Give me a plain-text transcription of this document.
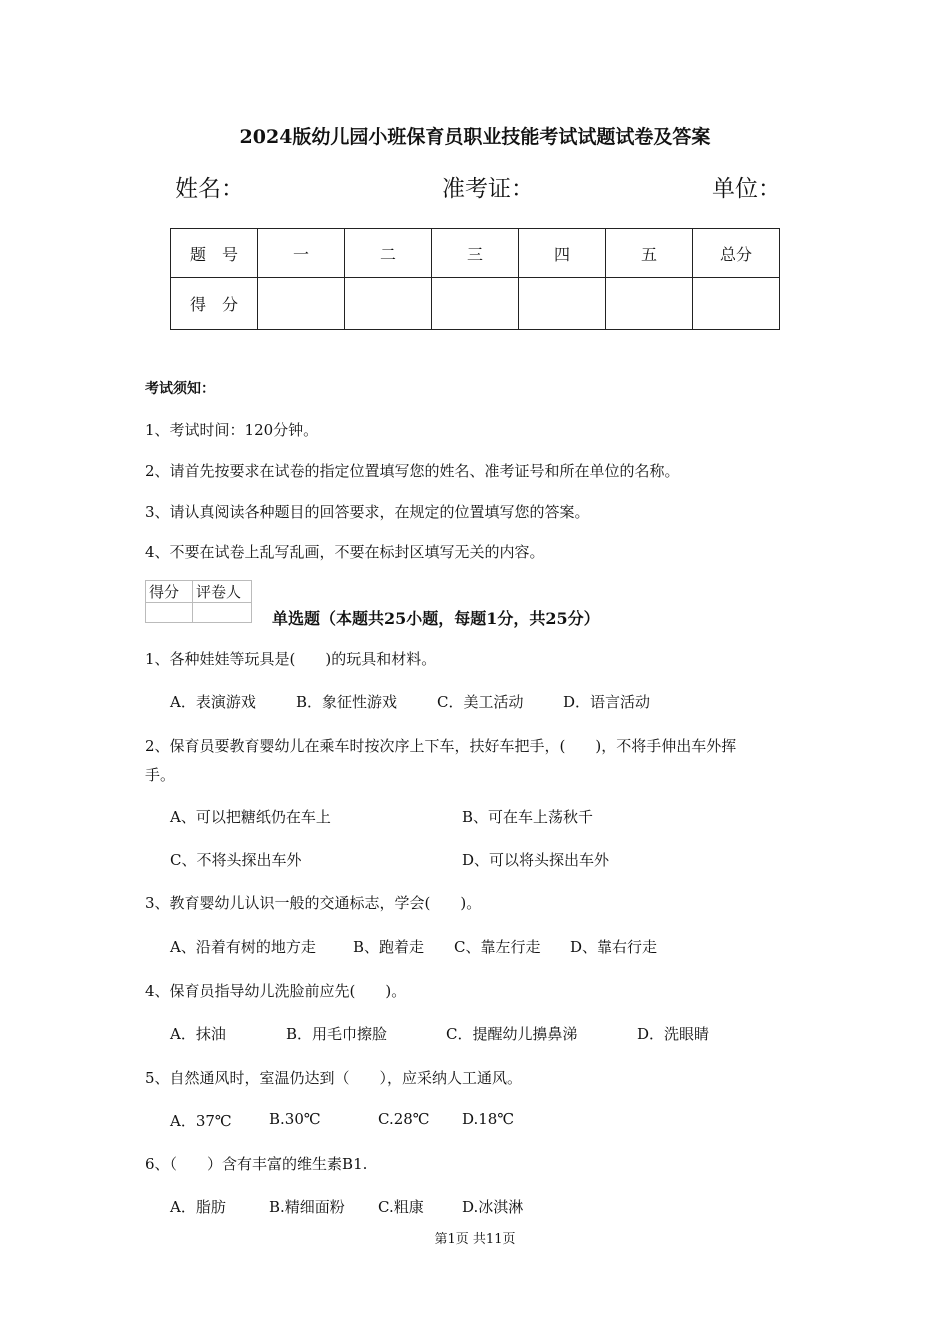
2024版幼儿园小班保育员职业技能考试试题试卷及答案
姓名：	准考证：	单位：
题　号	一	二	三	四	五	总分
得　分						
考试须知：
1、考试时间：120分钟。
2、请首先按要求在试卷的指定位置填写您的姓名、准考证号和所在单位的名称。
3、请认真阅读各种题目的回答要求，在规定的位置填写您的答案。
4、不要在试卷上乱写乱画，不要在标封区填写无关的内容。
得分	评卷人

单选题（本题共25小题，每题1分，共25分）
1、各种娃娃等玩具是(　　)的玩具和材料。
A．表演游戏	B．象征性游戏	C．美工活动	D．语言活动
2、保育员要教育婴幼儿在乘车时按次序上下车，扶好车把手，(　　)，不将手伸出车外挥
手。
A、可以把糖纸仍在车上	B、可在车上荡秋千
C、不将头探出车外	D、可以将头探出车外
3、教育婴幼儿认识一般的交通标志，学会(　　)。
A、沿着有树的地方走 B、跑着走 C、靠左行走 D、靠右行走
4、保育员指导幼儿洗脸前应先(　　)。
A．抹油	B．用毛巾擦脸	C．提醒幼儿擤鼻涕	D．洗眼睛
5、自然通风时，室温仍达到（　　），应采纳人工通风。
A．37℃ B.30℃	C.28℃ D.18℃
6、（　　）含有丰富的维生素B1.
A．脂肪	B.精细面粉 C.粗康	D.冰淇淋
第1页 共11页
